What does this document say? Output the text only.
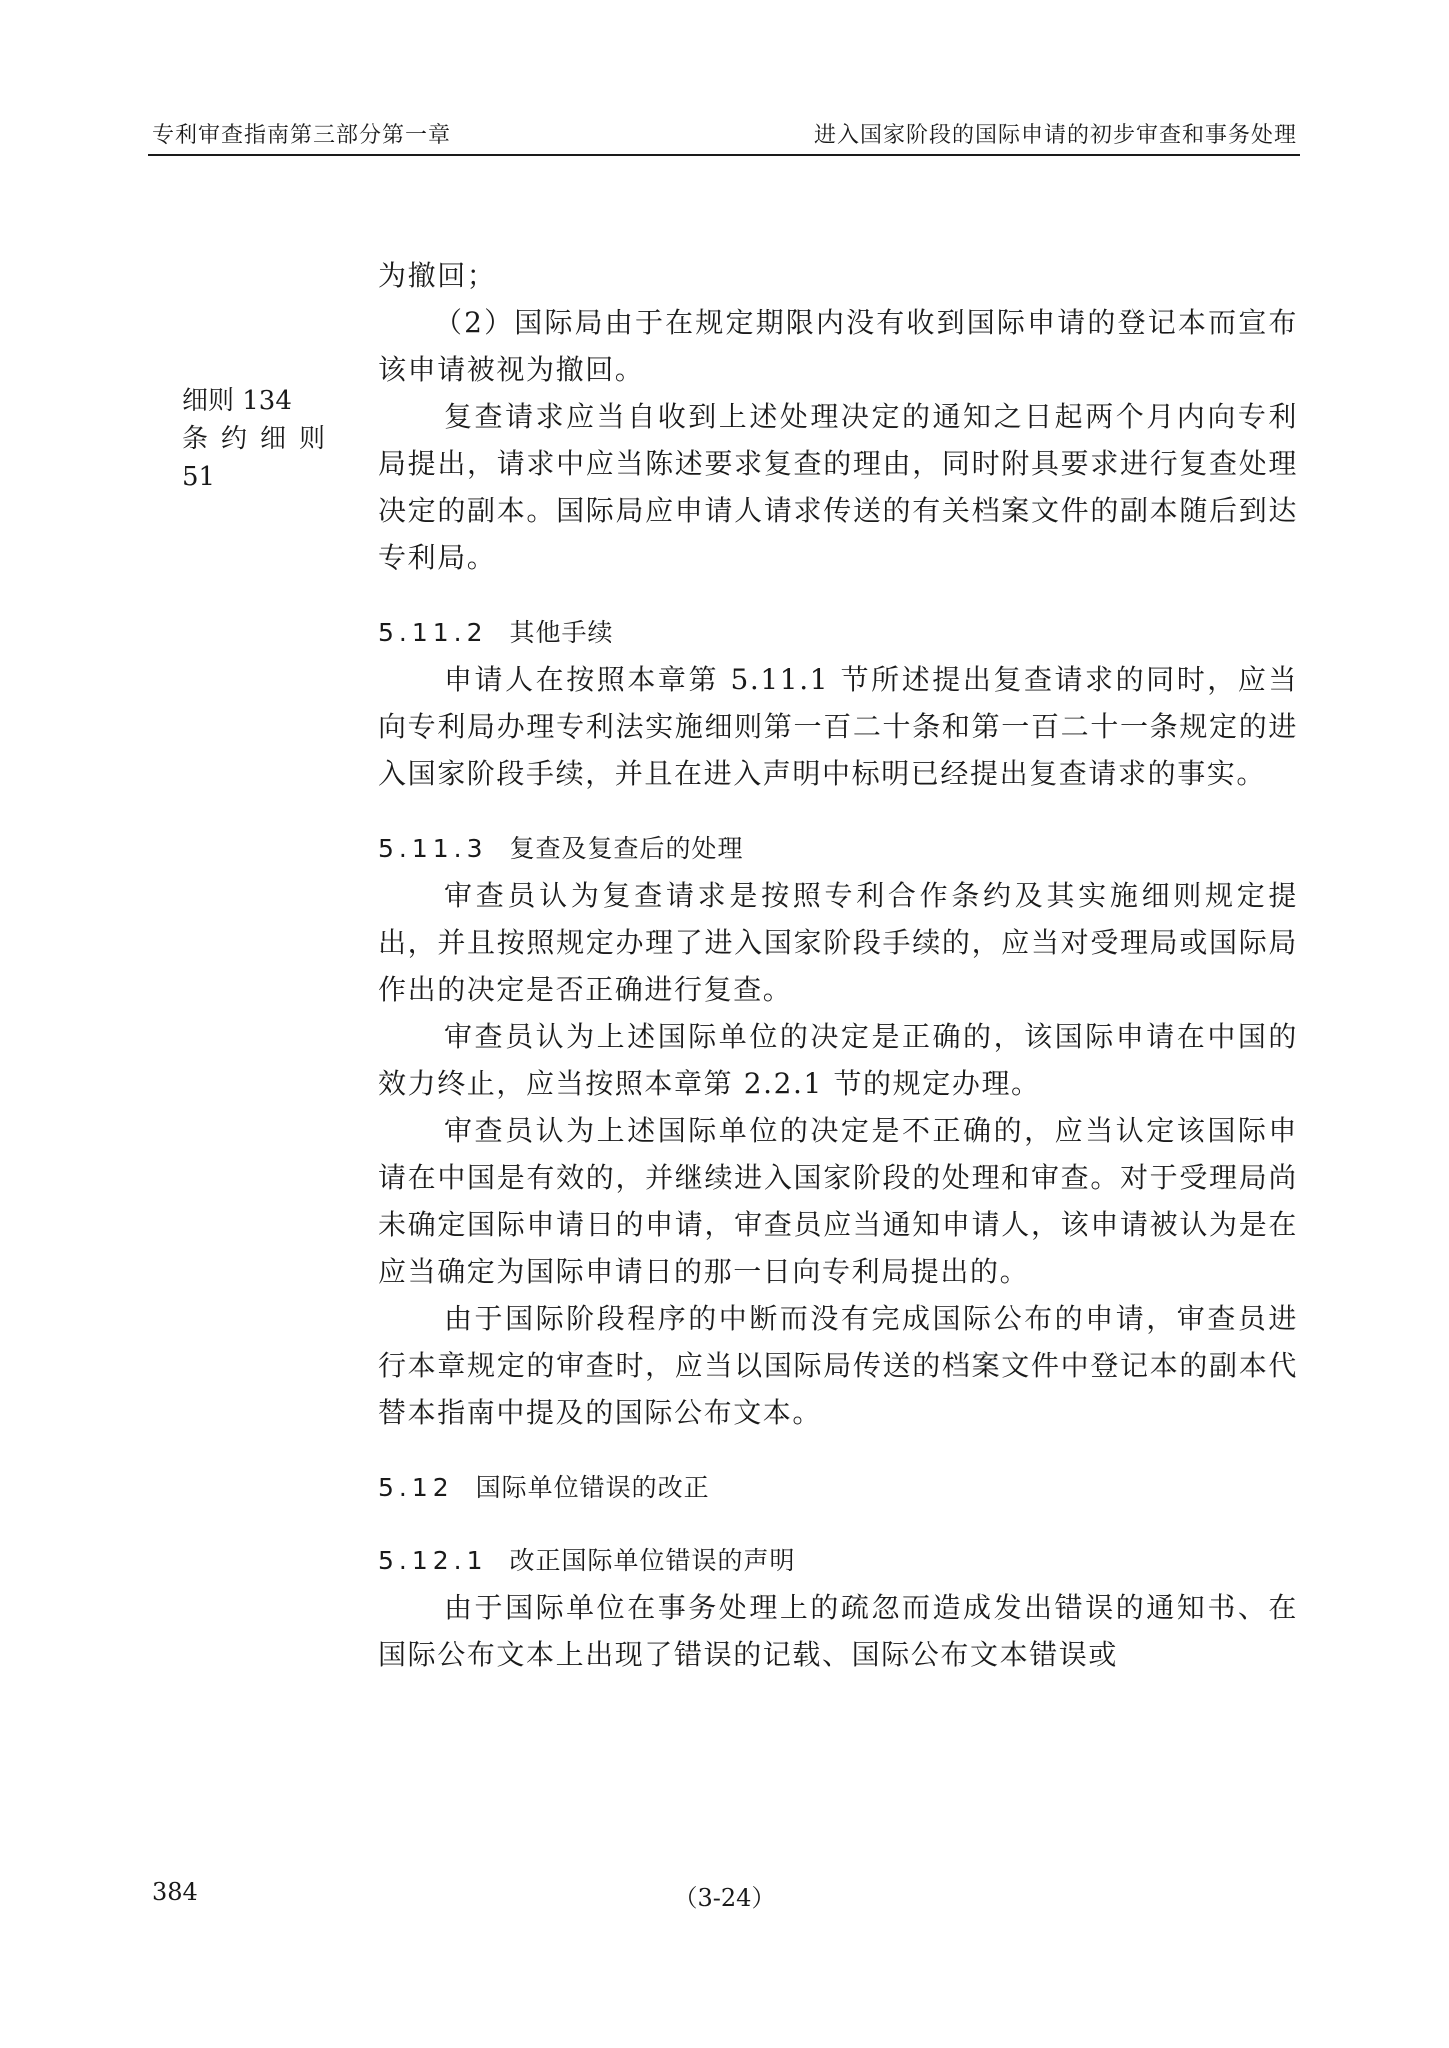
专利审查指南第三部分第一章	进入国家阶段的国际申请的初步审查和事务处理
细则 134
条约细则
51

为撤回；

（2）国际局由于在规定期限内没有收到国际申请的登记本而宣布该申请被视为撤回。

复查请求应当自收到上述处理决定的通知之日起两个月内向专利局提出，请求中应当陈述要求复查的理由，同时附具要求进行复查处理决定的副本。国际局应申请人请求传送的有关档案文件的副本随后到达专利局。

5.11.2 其他手续

申请人在按照本章第 5.11.1 节所述提出复查请求的同时，应当向专利局办理专利法实施细则第一百二十条和第一百二十一条规定的进入国家阶段手续，并且在进入声明中标明已经提出复查请求的事实。

5.11.3 复查及复查后的处理

审查员认为复查请求是按照专利合作条约及其实施细则规定提出，并且按照规定办理了进入国家阶段手续的，应当对受理局或国际局作出的决定是否正确进行复查。

审查员认为上述国际单位的决定是正确的，该国际申请在中国的效力终止，应当按照本章第 2.2.1 节的规定办理。

审查员认为上述国际单位的决定是不正确的，应当认定该国际申请在中国是有效的，并继续进入国家阶段的处理和审查。对于受理局尚未确定国际申请日的申请，审查员应当通知申请人，该申请被认为是在应当确定为国际申请日的那一日向专利局提出的。

由于国际阶段程序的中断而没有完成国际公布的申请，审查员进行本章规定的审查时，应当以国际局传送的档案文件中登记本的副本代替本指南中提及的国际公布文本。

5.12 国际单位错误的改正
5.12.1 改正国际单位错误的声明

由于国际单位在事务处理上的疏忽而造成发出错误的通知书、在国际公布文本上出现了错误的记载、国际公布文本错误或

384	（3-24）
